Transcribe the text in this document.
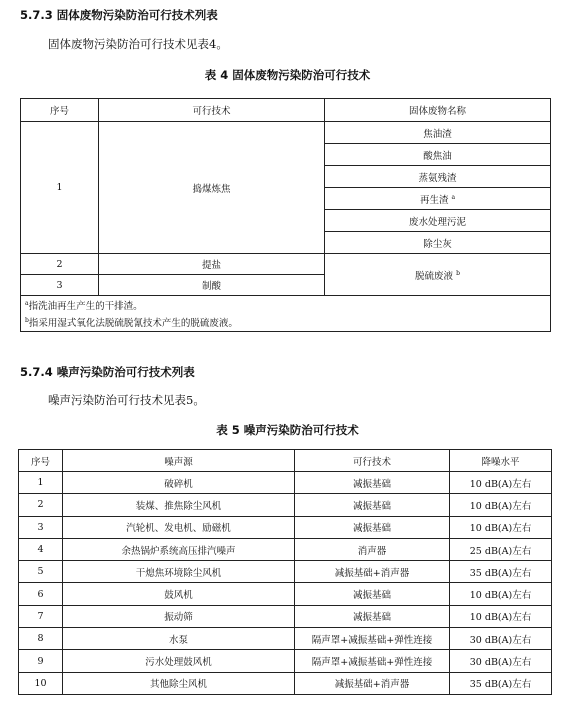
5.7.3 固体废物污染防治可行技术列表
固体废物污染防治可行技术见表4。
表 4 固体废物污染防治可行技术
序号	可行技术	固体废物名称
1	捣煤炼焦	焦油渣
		酸焦油
		蒸氨残渣
		再生渣 $^a$
		废水处理污泥
		除尘灰
2	提盐	脱硫废液 $^b$
3	制酸	
$^a$指洗油再生产生的干排渣。		
$^b$指采用湿式氧化法脱硫脱氰技术产生的脱硫废液。		
5.7.4 噪声污染防治可行技术列表
噪声污染防治可行技术见表5。
表 5 噪声污染防治可行技术
序号	噪声源	可行技术	降噪水平
1	破碎机	减振基础	10 dB(A)左右
2	装煤、推焦除尘风机	减振基础	10 dB(A)左右
3	汽轮机、发电机、励磁机	减振基础	10 dB(A)左右
4	余热锅炉系统高压排汽噪声	消声器	25 dB(A)左右
5	干熄焦环境除尘风机	减振基础+消声器	35 dB(A)左右
6	鼓风机	减振基础	10 dB(A)左右
7	振动筛	减振基础	10 dB(A)左右
8	水泵	隔声罩+减振基础+弹性连接	30 dB(A)左右
9	污水处理鼓风机	隔声罩+减振基础+弹性连接	30 dB(A)左右
10	其他除尘风机	减振基础+消声器	35 dB(A)左右
